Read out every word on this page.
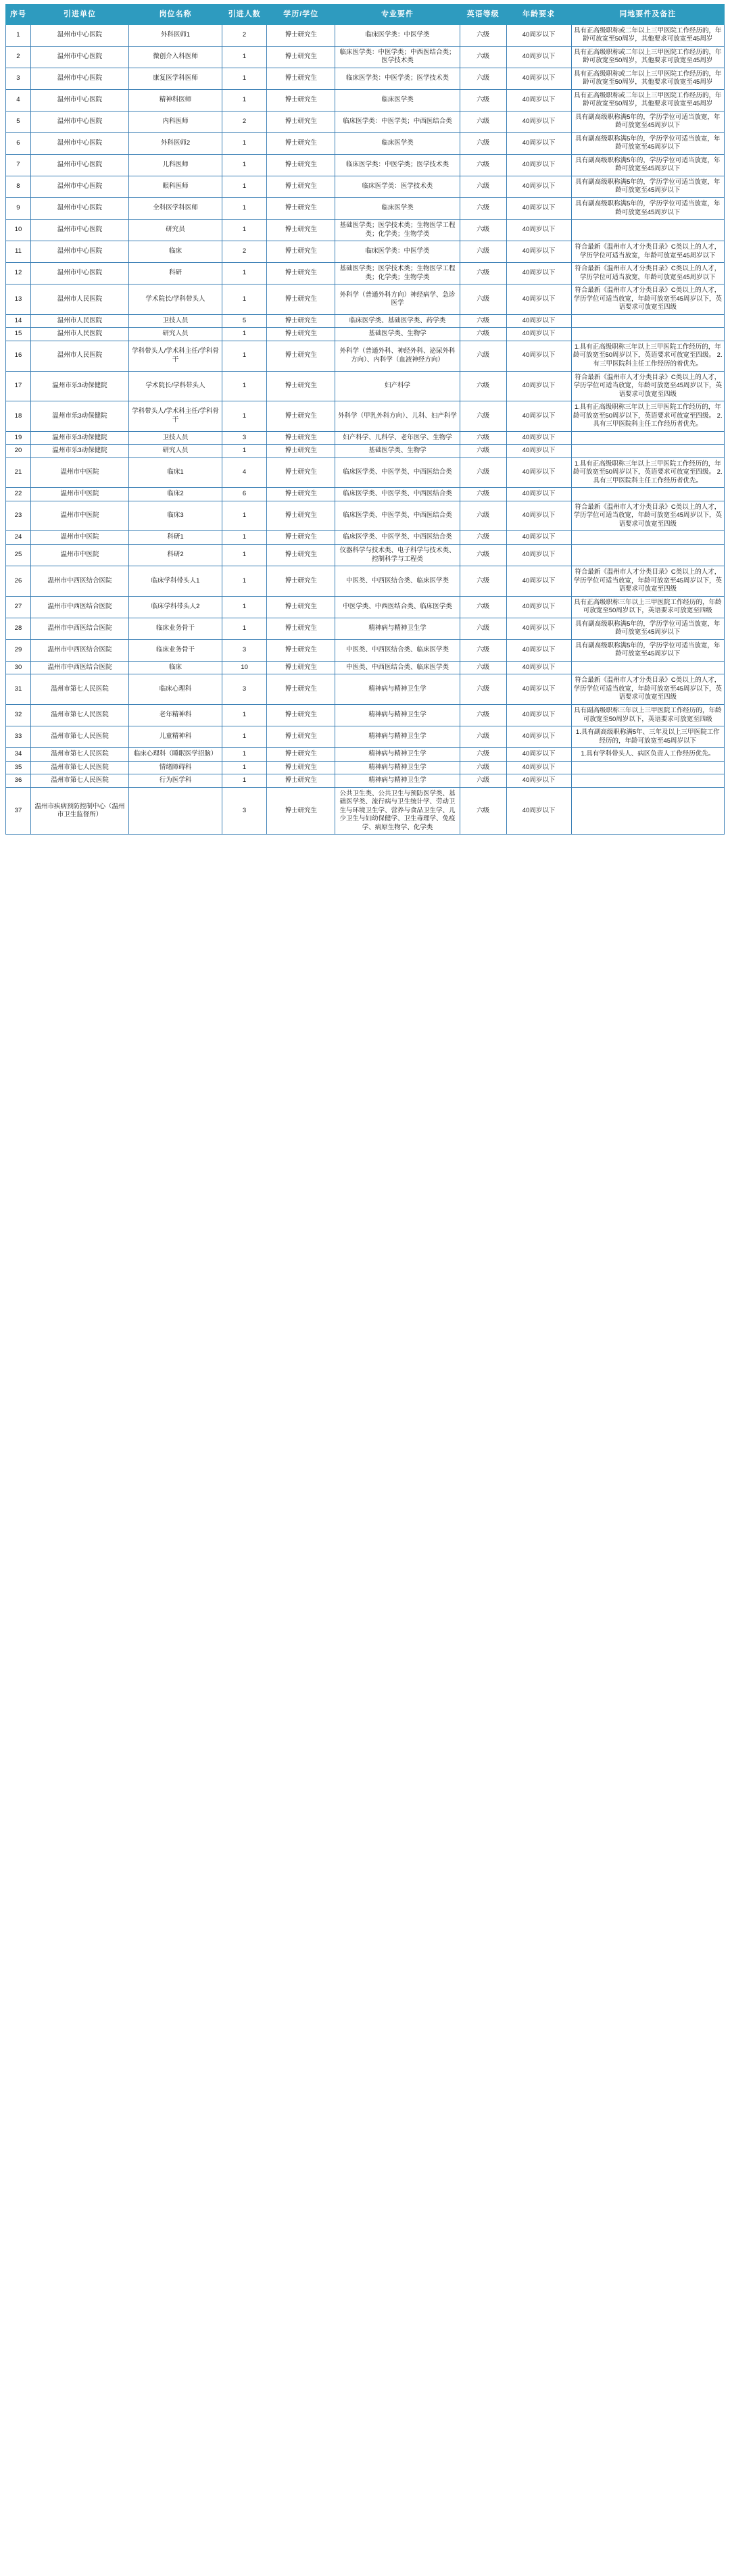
序号	引进单位	岗位名称	引进人数	学历/学位	专业要件	英语等级	年龄要求	同地要件及备注
1	温州市中心医院	外科医师1	2	博士研究生	临床医学类：中医学类	六级	40周岁以下	具有正高级职称或二年以上三甲医院工作经历的，年龄可放宽至50周岁，其他要求可放宽至45周岁
2	温州市中心医院	微创介入科医师	1	博士研究生	临床医学类：中医学类；中西医结合类；医学技术类	六级	40周岁以下	具有正高级职称或二年以上三甲医院工作经历的，年龄可放宽至50周岁，其他要求可放宽至45周岁
3	温州市中心医院	康复医学科医师	1	博士研究生	临床医学类：中医学类；医学技术类	六级	40周岁以下	具有正高级职称或二年以上三甲医院工作经历的，年龄可放宽至50周岁，其他要求可放宽至45周岁
4	温州市中心医院	精神科医师	1	博士研究生	临床医学类	六级	40周岁以下	具有正高级职称或二年以上三甲医院工作经历的，年龄可放宽至50周岁，其他要求可放宽至45周岁
5	温州市中心医院	内科医师	2	博士研究生	临床医学类：中医学类；中西医结合类	六级	40周岁以下	具有副高级职称满5年的，学历学位可适当放宽，年龄可放宽至45周岁以下
6	温州市中心医院	外科医师2	1	博士研究生	临床医学类	六级	40周岁以下	具有副高级职称满5年的，学历学位可适当放宽，年龄可放宽至45周岁以下
7	温州市中心医院	儿科医师	1	博士研究生	临床医学类：中医学类；医学技术类	六级	40周岁以下	具有副高级职称满5年的，学历学位可适当放宽，年龄可放宽至45周岁以下
8	温州市中心医院	眼科医师	1	博士研究生	临床医学类：医学技术类	六级	40周岁以下	具有副高级职称满5年的，学历学位可适当放宽，年龄可放宽至45周岁以下
9	温州市中心医院	全科医学科医师	1	博士研究生	临床医学类	六级	40周岁以下	具有副高级职称满5年的，学历学位可适当放宽，年龄可放宽至45周岁以下
10	温州市中心医院	研究员	1	博士研究生	基础医学类；医学技术类；生物医学工程类；化学类；生物学类	六级	40周岁以下	
11	温州市中心医院	临床	2	博士研究生	临床医学类：中医学类	六级	40周岁以下	符合最新《温州市人才分类目录》C类以上的人才，学历学位可适当放宽，年龄可放宽至45周岁以下
12	温州市中心医院	科研	1	博士研究生	基础医学类；医学技术类；生物医学工程类；化学类；生物学类	六级	40周岁以下	符合最新《温州市人才分类目录》C类以上的人才，学历学位可适当放宽，年龄可放宽至45周岁以下
13	温州市人民医院	学术院长/学科带头人	1	博士研究生	外科学（普通外科方向）神经病学、急诊医学	六级	40周岁以下	符合最新《温州市人才分类目录》C类以上的人才，学历学位可适当放宽，年龄可放宽至45周岁以下，英语要求可放宽至四级
14	温州市人民医院	卫技人员	5	博士研究生	临床医学类、基础医学类、药学类	六级	40周岁以下	
15	温州市人民医院	研究人员	1	博士研究生	基础医学类、生物学	六级	40周岁以下	
16	温州市人民医院	学科带头人/学术科主任/学科骨干	1	博士研究生	外科学（普通外科、神经外科、泌尿外科方向）、内科学（血液神经方向）	六级	40周岁以下	1.具有正高级职称三年以上三甲医院工作经历的，年龄可放宽至50周岁以下，英语要求可放宽至四级。 2.有三甲医院科主任工作经历的着优先。
17	温州市乐3动保健院	学术院长/学科带头人	1	博士研究生	妇产科学	六级	40周岁以下	符合最新《温州市人才分类目录》C类以上的人才，学历学位可适当放宽，年龄可放宽至45周岁以下，英语要求可放宽至四级
18	温州市乐3动保健院	学科带头人/学术科主任/学科骨干	1	博士研究生	外科学（甲乳外科方向）、儿科、妇产科学	六级	40周岁以下	1.具有正高级职称三年以上三甲医院工作经历的，年龄可放宽至50周岁以下，英语要求可放宽至四级。 2.具有三甲医院科主任工作经历者优先。
19	温州市乐3动保健院	卫技人员	3	博士研究生	妇产科学、儿科学、老年医学、生物学	六级	40周岁以下	
20	温州市乐3动保健院	研究人员	1	博士研究生	基础医学类、生物学	六级	40周岁以下	
21	温州市中医院	临床1	4	博士研究生	临床医学类、中医学类、中西医结合类	六级	40周岁以下	1.具有正高级职称三年以上三甲医院工作经历的，年龄可放宽至50周岁以下，英语要求可放宽至四级。 2.具有三甲医院科主任工作经历者优先。
22	温州市中医院	临床2	6	博士研究生	临床医学类、中医学类、中西医结合类	六级	40周岁以下	
23	温州市中医院	临床3	1	博士研究生	临床医学类、中医学类、中西医结合类	六级	40周岁以下	符合最新《温州市人才分类目录》C类以上的人才，学历学位可适当放宽，年龄可放宽至45周岁以下，英语要求可放宽至四级
24	温州市中医院	科研1	1	博士研究生	临床医学类、中医学类、中西医结合类	六级	40周岁以下	
25	温州市中医院	科研2	1	博士研究生	仪器科学与技术类、电子科学与技术类、控制科学与工程类	六级	40周岁以下	
26	温州市中西医结合医院	临床学科带头人1	1	博士研究生	中医类、中西医结合类、临床医学类	六级	40周岁以下	符合最新《温州市人才分类目录》C类以上的人才，学历学位可适当放宽，年龄可放宽至45周岁以下，英语要求可放宽至四级
27	温州市中西医结合医院	临床学科带头人2	1	博士研究生	中医学类、中西医结合类、临床医学类	六级	40周岁以下	具有正高级职称三年以上三甲医院工作经历的，年龄可放宽至50周岁以下，英语要求可放宽至四级
28	温州市中西医结合医院	临床业务骨干	1	博士研究生	精神病与精神卫生学	六级	40周岁以下	具有副高级职称满5年的，学历学位可适当放宽，年龄可放宽至45周岁以下
29	温州市中西医结合医院	临床业务骨干	3	博士研究生	中医类、中西医结合类、临床医学类	六级	40周岁以下	具有副高级职称满5年的，学历学位可适当放宽，年龄可放宽至45周岁以下
30	温州市中西医结合医院	临床	10	博士研究生	中医类、中西医结合类、临床医学类	六级	40周岁以下	
31	温州市第七人民医院	临床心理科	3	博士研究生	精神病与精神卫生学	六级	40周岁以下	符合最新《温州市人才分类目录》C类以上的人才，学历学位可适当放宽，年龄可放宽至45周岁以下，英语要求可放宽至四级
32	温州市第七人民医院	老年精神科	1	博士研究生	精神病与精神卫生学	六级	40周岁以下	具有副高级职称三年以上三甲医院工作经历的，年龄可放宽至50周岁以下，英语要求可放宽至四级
33	温州市第七人民医院	儿童精神科	1	博士研究生	精神病与精神卫生学	六级	40周岁以下	1.具有副高级职称满5年、三年及以上三甲医院工作经历的，年龄可放宽至45周岁以下
34	温州市第七人民医院	临床心理科（睡眠医学招脑）	1	博士研究生	精神病与精神卫生学	六级	40周岁以下	1.具有学科带头人、病区负责人工作经历优先。
35	温州市第七人民医院	情绪障碍科	1	博士研究生	精神病与精神卫生学	六级	40周岁以下	
36	温州市第七人民医院	行为医学科	1	博士研究生	精神病与精神卫生学	六级	40周岁以下	
37	温州市疾病预防控制中心（温州市卫生监督所）		3	博士研究生	公共卫生类、公共卫生与预防医学类、基础医学类、流行病与卫生统计学、劳动卫生与环境卫生学、营养与食品卫生学、儿少卫生与妇幼保健学、卫生毒理学、免疫学、病原生物学、化学类	六级	40周岁以下	
